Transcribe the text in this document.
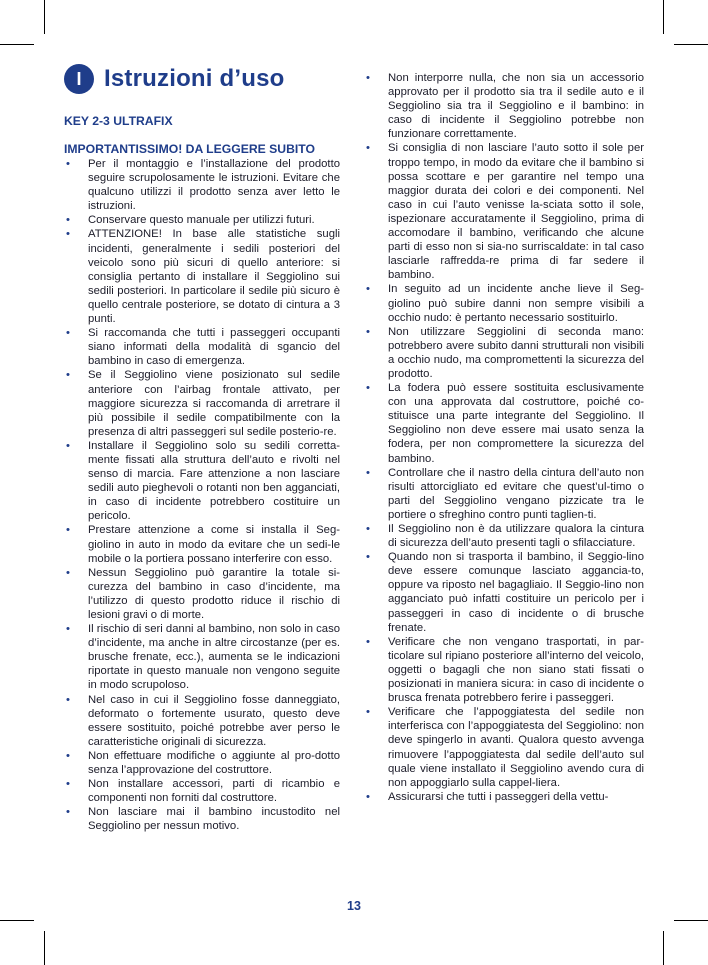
I Istruzioni d’uso
KEY 2-3 ULTRAFIX
IMPORTANTISSIMO! DA LEGGERE SUBITO
• Per il montaggio e l’installazione del prodotto seguire scrupolosamente le istruzioni. Evitare che qualcuno utilizzi il prodotto senza aver letto le istruzioni.
• Conservare questo manuale per utilizzi futuri.
• ATTENZIONE! In base alle statistiche sugli incidenti, generalmente i sedili posteriori del veicolo sono più sicuri di quello anteriore: si consiglia pertanto di installare il Seggiolino sui sedili posteriori. In particolare il sedile più sicuro è quello centrale posteriore, se dotato di cintura a 3 punti.
• Si raccomanda che tutti i passeggeri occupanti siano informati della modalità di sgancio del bambino in caso di emergenza.
• Se il Seggiolino viene posizionato sul sedile anteriore con l’airbag frontale attivato, per maggiore sicurezza si raccomanda di arretrare il più possibile il sedile compatibilmente con la presenza di altri passeggeri sul sedile posterio-re.
• Installare il Seggiolino solo su sedili corretta-mente fissati alla struttura dell’auto e rivolti nel senso di marcia. Fare attenzione a non lasciare sedili auto pieghevoli o rotanti non ben agganciati, in caso di incidente potrebbero costituire un pericolo.
• Prestare attenzione a come si installa il Seg-giolino in auto in modo da evitare che un sedi-le mobile o la portiera possano interferire con esso.
• Nessun Seggiolino può garantire la totale si-curezza del bambino in caso d’incidente, ma l’utilizzo di questo prodotto riduce il rischio di lesioni gravi o di morte.
• Il rischio di seri danni al bambino, non solo in caso d’incidente, ma anche in altre circostanze (per es. brusche frenate, ecc.), aumenta se le indicazioni riportate in questo manuale non vengono seguite in modo scrupoloso.
• Nel caso in cui il Seggiolino fosse danneggiato, deformato o fortemente usurato, questo deve essere sostituito, poiché potrebbe aver perso le caratteristiche originali di sicurezza.
• Non effettuare modifiche o aggiunte al pro-dotto senza l’approvazione del costruttore.
• Non installare accessori, parti di ricambio e componenti non forniti dal costruttore.
• Non lasciare mai il bambino incustodito nel Seggiolino per nessun motivo.
• Non interporre nulla, che non sia un accessorio approvato per il prodotto sia tra il sedile auto e il Seggiolino sia tra il Seggiolino e il bambino: in caso di incidente il Seggiolino potrebbe non funzionare correttamente.
• Si consiglia di non lasciare l’auto sotto il sole per troppo tempo, in modo da evitare che il bambino si possa scottare e per garantire nel tempo una maggior durata dei colori e dei componenti. Nel caso in cui l’auto venisse la-sciata sotto il sole, ispezionare accuratamente il Seggiolino, prima di accomodare il bambino, verificando che alcune parti di esso non si sia-no surriscaldate: in tal caso lasciarle raffredda-re prima di far sedere il bambino.
• In seguito ad un incidente anche lieve il Seg-giolino può subire danni non sempre visibili a occhio nudo: è pertanto necessario sostituirlo.
• Non utilizzare Seggiolini di seconda mano: potrebbero avere subito danni strutturali non visibili a occhio nudo, ma compromettenti la sicurezza del prodotto.
• La fodera può essere sostituita esclusivamente con una approvata dal costruttore, poiché co-stituisce una parte integrante del Seggiolino. Il Seggiolino non deve essere mai usato senza la fodera, per non compromettere la sicurezza del bambino.
• Controllare che il nastro della cintura dell’auto non risulti attorcigliato ed evitare che quest’ul-timo o parti del Seggiolino vengano pizzicate tra le portiere o sfreghino contro punti taglien-ti.
• Il Seggiolino non è da utilizzare qualora la cintura di sicurezza dell’auto presenti tagli o sfilacciature.
• Quando non si trasporta il bambino, il Seggio-lino deve essere comunque lasciato aggancia-to, oppure va riposto nel bagagliaio. Il Seggio-lino non agganciato può infatti costituire un pericolo per i passeggeri in caso di incidente o di brusche frenate.
• Verificare che non vengano trasportati, in par-ticolare sul ripiano posteriore all’interno del veicolo, oggetti o bagagli che non siano stati fissati o posizionati in maniera sicura: in caso di incidente o brusca frenata potrebbero ferire i passeggeri.
• Verificare che l’appoggiatesta del sedile non interferisca con l’appoggiatesta del Seggiolino: non deve spingerlo in avanti. Qualora questo avvenga rimuovere l’appoggiatesta dal sedile dell’auto sul quale viene installato il Seggiolino avendo cura di non appoggiarlo sulla cappel-liera.
• Assicurarsi che tutti i passeggeri della vettu-
13
